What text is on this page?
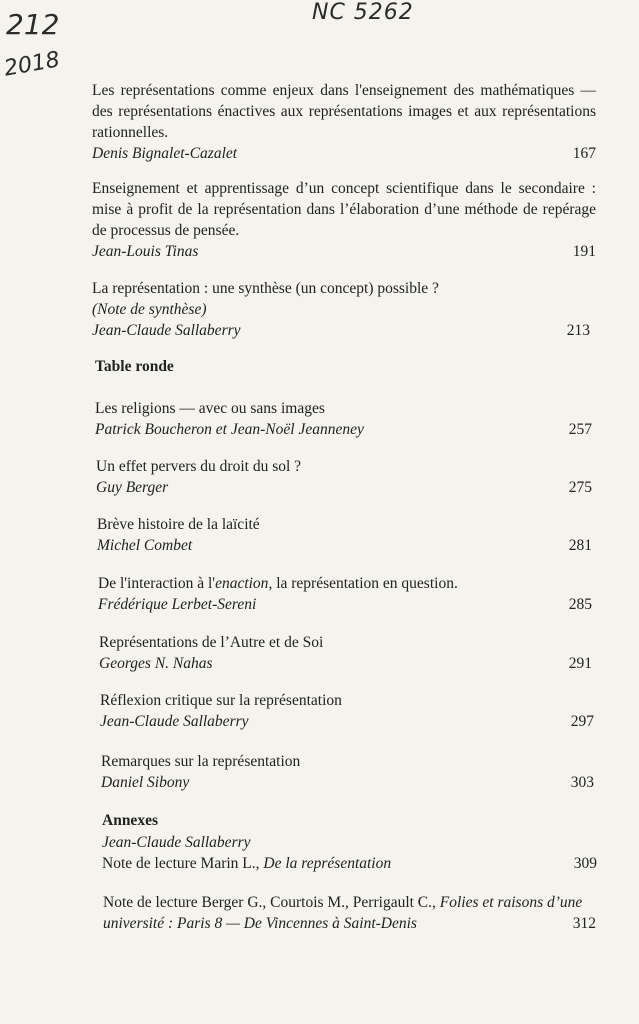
212
2018
NC 5262
Les représentations comme enjeux dans l'enseignement des mathématiques — des représentations énactives aux représentations images et aux représentations rationnelles.
Denis Bignalet-Cazalet	167
Enseignement et apprentissage d’un concept scientifique dans le secondaire : mise à profit de la représentation dans l’élaboration d’une méthode de repérage de processus de pensée.
Jean-Louis Tinas	191
La représentation : une synthèse (un concept) possible ?
(Note de synthèse)
Jean-Claude Sallaberry	213
Table ronde
Les religions — avec ou sans images
Patrick Boucheron et Jean-Noël Jeanneney	257
Un effet pervers du droit du sol ?
Guy Berger	275
Brève histoire de la laïcité
Michel Combet	281
De l'interaction à l'enaction, la représentation en question.
Frédérique Lerbet-Sereni	285
Représentations de l’Autre et de Soi
Georges N. Nahas	291
Réflexion critique sur la représentation
Jean-Claude Sallaberry	297
Remarques sur la représentation
Daniel Sibony	303
Annexes
Jean-Claude Sallaberry
Note de lecture Marin L., De la représentation	309
Note de lecture Berger G., Courtois M., Perrigault C., Folies et raisons d’une université : Paris 8 — De Vincennes à Saint-Denis	312
